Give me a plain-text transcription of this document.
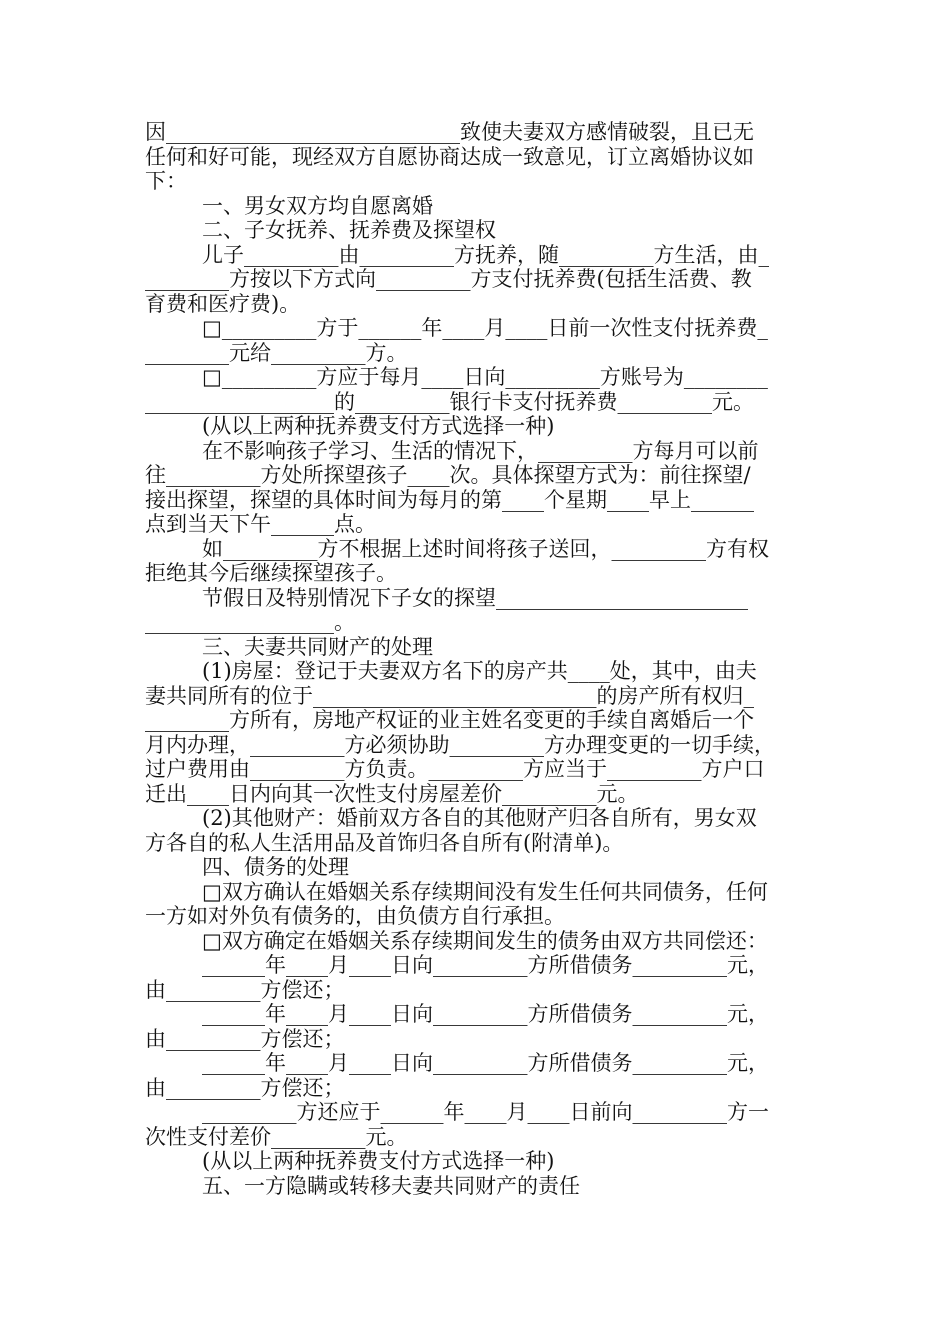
因____________________________致使夫妻双方感情破裂，且已无
任何和好可能，现经双方自愿协商达成一致意见，订立离婚协议如
下：
一、男女双方均自愿离婚
二、子女抚养、抚养费及探望权
儿子_________由_________方抚养，随_________方生活，由_
________方按以下方式向_________方支付抚养费(包括生活费、教
育费和医疗费)。
□_________方于______年____月____日前一次性支付抚养费_
________元给_________方。
□_________方应于每月____日向_________方账号为________
__________________的_________银行卡支付抚养费_________元。
(从以上两种抚养费支付方式选择一种)
在不影响孩子学习、生活的情况下，_________方每月可以前
往_________方处所探望孩子____次。具体探望方式为：前往探望/
接出探望，探望的具体时间为每月的第____个星期____早上______
点到当天下午______点。
如_________方不根据上述时间将孩子送回，_________方有权
拒绝其今后继续探望孩子。
节假日及特别情况下子女的探望________________________
__________________。
三、夫妻共同财产的处理
(1)房屋：登记于夫妻双方名下的房产共____处，其中，由夫
妻共同所有的位于___________________________的房产所有权归_
________方所有，房地产权证的业主姓名变更的手续自离婚后一个
月内办理，_________方必须协助_________方办理变更的一切手续，
过户费用由_________方负责。_________方应当于_________方户口
迁出____日内向其一次性支付房屋差价_________元。
(2)其他财产：婚前双方各自的其他财产归各自所有，男女双
方各自的私人生活用品及首饰归各自所有(附清单)。
四、债务的处理
□双方确认在婚姻关系存续期间没有发生任何共同债务，任何
一方如对外负有债务的，由负债方自行承担。
□双方确定在婚姻关系存续期间发生的债务由双方共同偿还：
______年____月____日向_________方所借债务_________元，
由_________方偿还；
______年____月____日向_________方所借债务_________元，
由_________方偿还；
______年____月____日向_________方所借债务_________元，
由_________方偿还；
_________方还应于______年____月____日前向_________方一
次性支付差价_________元。
(从以上两种抚养费支付方式选择一种)
五、一方隐瞒或转移夫妻共同财产的责任
